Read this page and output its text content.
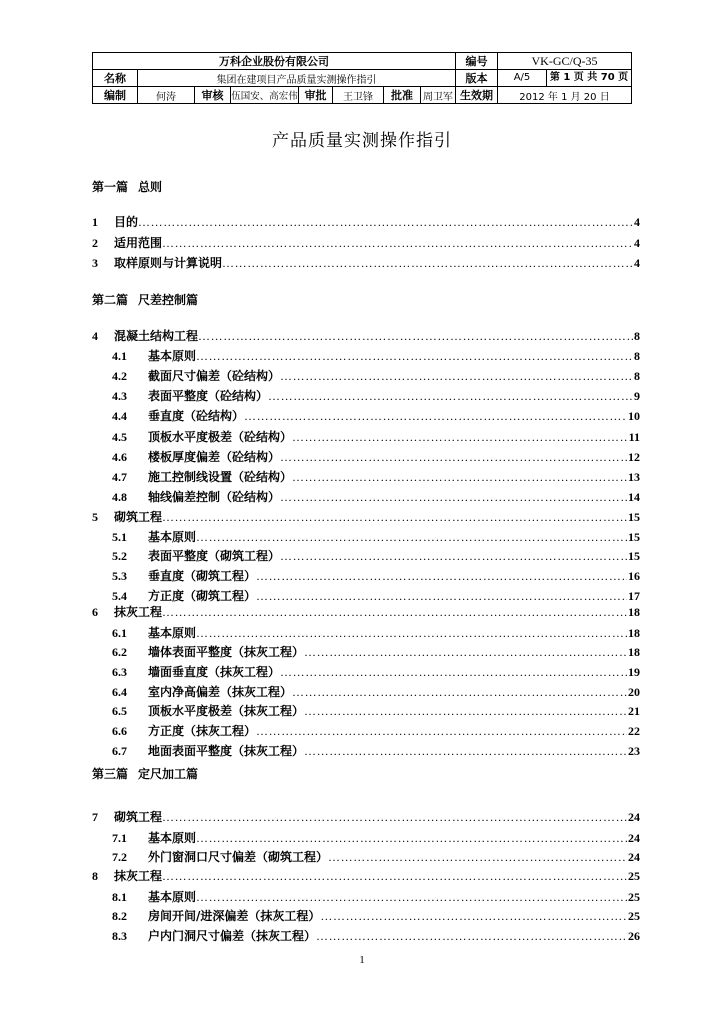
万科企业股份有限公司								编号	VK-GC/Q-35
名称	集团在建项目产品质量实测操作指引							版本	A/5 第 1 页 共 70 页

编制	何涛	审核	伍国安、高宏伟	审批	王卫锋	批准	周卫军	生效期	2012 年 1 月 20 日
产品质量实测操作指引
第一篇 总则
第二篇 尺差控制篇
第三篇 定尺加工篇
1	目的 ……………………………………………………………………………………………………………………………………………………………………………………………………………	4
2	适用范围 ……………………………………………………………………………………………………………………………………………………………………………………………………………	4
3	取样原则与计算说明 ……………………………………………………………………………………………………………………………………………………………………………………………………………	4
4	混凝土结构工程 ……………………………………………………………………………………………………………………………………………………………………………………………………………	8
4.1	基本原则 ……………………………………………………………………………………………………………………………………………………………………………………………………………	8
4.2	截面尺寸偏差（砼结构） ……………………………………………………………………………………………………………………………………………………………………………………………………………	8
4.3	表面平整度（砼结构） ……………………………………………………………………………………………………………………………………………………………………………………………………………	9
4.4	垂直度（砼结构） ……………………………………………………………………………………………………………………………………………………………………………………………………………	10
4.5	顶板水平度极差（砼结构） ……………………………………………………………………………………………………………………………………………………………………………………………………………	11
4.6	楼板厚度偏差（砼结构） ……………………………………………………………………………………………………………………………………………………………………………………………………………	12
4.7	施工控制线设置（砼结构） ……………………………………………………………………………………………………………………………………………………………………………………………………………	13
4.8	轴线偏差控制（砼结构） ……………………………………………………………………………………………………………………………………………………………………………………………………………	14
5	砌筑工程 ……………………………………………………………………………………………………………………………………………………………………………………………………………	15
5.1	基本原则 ……………………………………………………………………………………………………………………………………………………………………………………………………………	15
5.2	表面平整度（砌筑工程） ……………………………………………………………………………………………………………………………………………………………………………………………………………	15
5.3	垂直度（砌筑工程） ……………………………………………………………………………………………………………………………………………………………………………………………………………	16
5.4	方正度（砌筑工程） ……………………………………………………………………………………………………………………………………………………………………………………………………………	17
6	抹灰工程 ……………………………………………………………………………………………………………………………………………………………………………………………………………	18
6.1	基本原则 ……………………………………………………………………………………………………………………………………………………………………………………………………………	18
6.2	墙体表面平整度（抹灰工程） ……………………………………………………………………………………………………………………………………………………………………………………………………………	18
6.3	墙面垂直度（抹灰工程） ……………………………………………………………………………………………………………………………………………………………………………………………………………	19
6.4	室内净高偏差（抹灰工程） ……………………………………………………………………………………………………………………………………………………………………………………………………………	20
6.5	顶板水平度极差（抹灰工程） ……………………………………………………………………………………………………………………………………………………………………………………………………………	21
6.6	方正度（抹灰工程） ……………………………………………………………………………………………………………………………………………………………………………………………………………	22
6.7	地面表面平整度（抹灰工程） ……………………………………………………………………………………………………………………………………………………………………………………………………………	23
7	砌筑工程 ……………………………………………………………………………………………………………………………………………………………………………………………………………	24
7.1	基本原则 ……………………………………………………………………………………………………………………………………………………………………………………………………………	24
7.2	外门窗洞口尺寸偏差（砌筑工程） ……………………………………………………………………………………………………………………………………………………………………………………………………………	24
8	抹灰工程 ……………………………………………………………………………………………………………………………………………………………………………………………………………	25
8.1	基本原则 ……………………………………………………………………………………………………………………………………………………………………………………………………………	25
8.2	房间开间/进深偏差（抹灰工程） ……………………………………………………………………………………………………………………………………………………………………………………………………………	25
8.3	户内门洞尺寸偏差（抹灰工程） ……………………………………………………………………………………………………………………………………………………………………………………………………………	26
1
